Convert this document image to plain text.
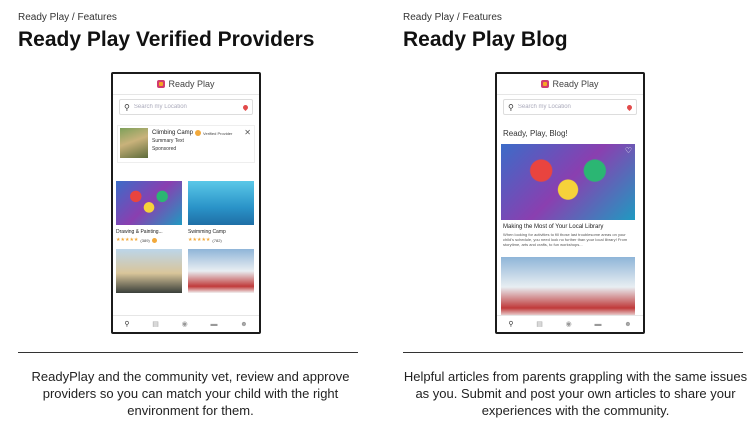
Ready Play / Features
Ready Play Verified Providers
Ready Play
⚲
Search my Location
Climbing Camp	Verified Provider
Summary Text
Sponsored
✕
Drawing & Painting...
★★★★★ (389)
Swimming Camp
★★★★★ (782)
⚲	▤	◉	▬	☻
ReadyPlay and the community vet, review and approve providers so you can match your child with the right environment for them.
Ready Play / Features
Ready Play Blog
Ready Play
⚲
Search my Location
Ready, Play, Blog!
♡
Making the Most of Your Local Library
When looking for activities to fill those last troublesome areas on your child's schedule, you need look no further than your local library! From storytime, arts and crafts, to fun workshops...
⚲	▤	◉	▬	☻
Helpful articles from parents grappling with the same issues as you. Submit and post your own articles to share your experiences with the community.
